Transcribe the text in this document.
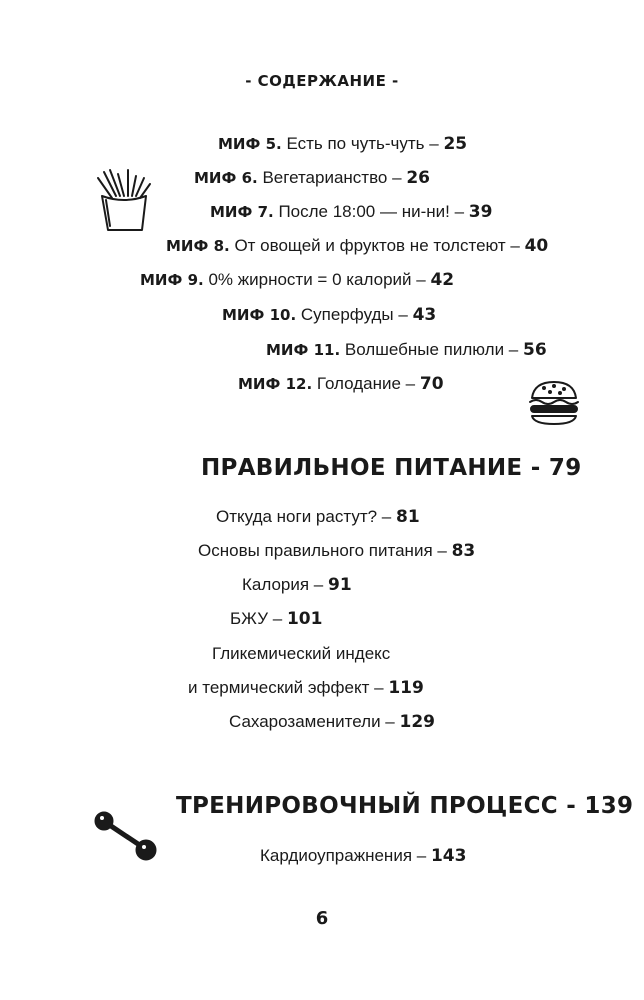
- СОДЕРЖАНИЕ -
МИФ 5. Есть по чуть-чуть – 25
МИФ 6. Вегетарианство – 26
МИФ 7. После 18:00 — ни-ни! – 39
МИФ 8. От овощей и фруктов не толстеют – 40
МИФ 9. 0% жирности = 0 калорий – 42
МИФ 10. Суперфуды – 43
МИФ 11. Волшебные пилюли – 56
МИФ 12. Голодание – 70
ПРАВИЛЬНОЕ ПИТАНИЕ - 79
Откуда ноги растут? – 81
Основы правильного питания – 83
Калория – 91
БЖУ – 101
Гликемический индекс
и термический эффект – 119
Сахарозаменители – 129
ТРЕНИРОВОЧНЫЙ ПРОЦЕСС - 139
Кардиоупражнения – 143
6
